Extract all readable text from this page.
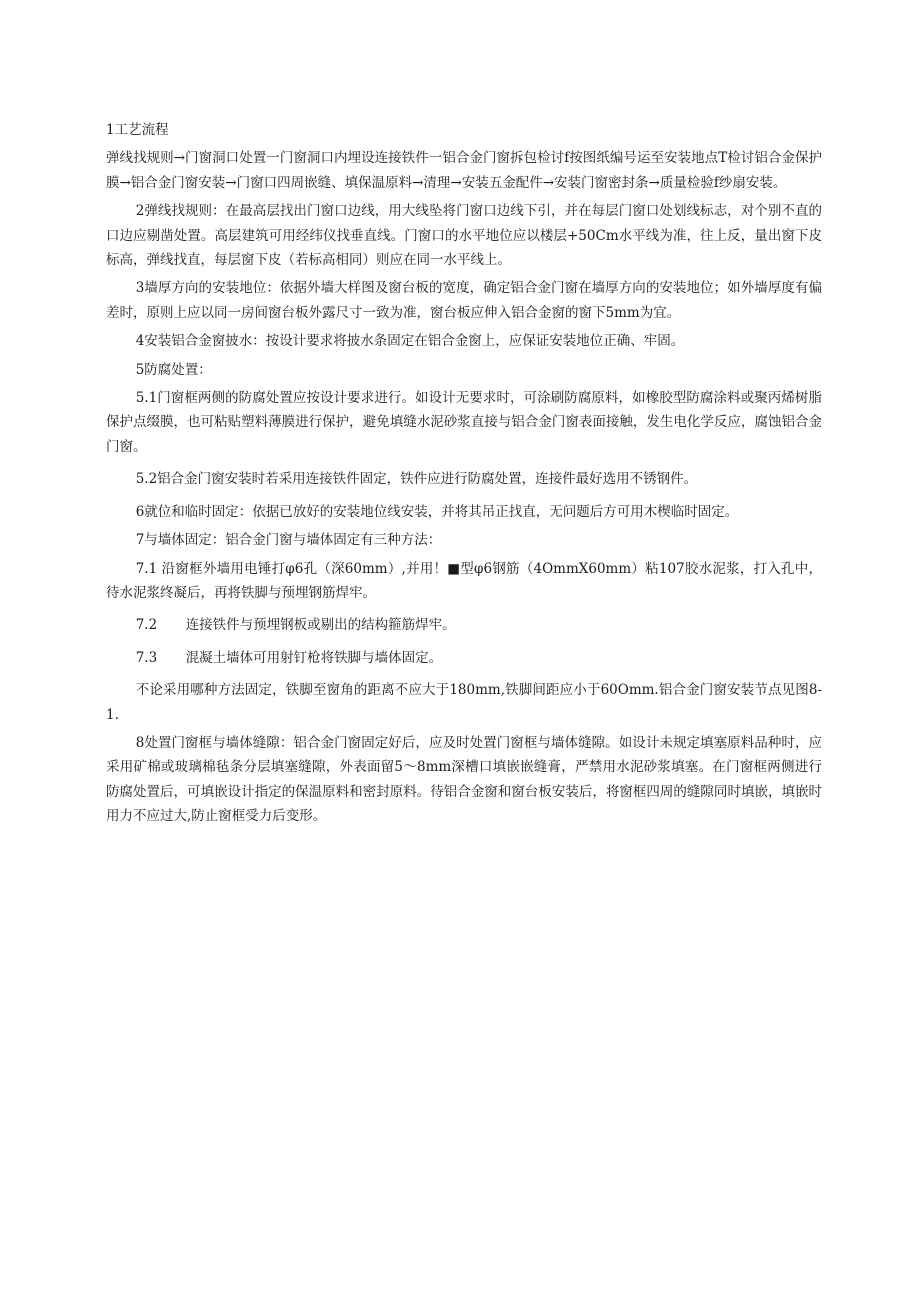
1工艺流程

弹线找规则→门窗洞口处置一门窗洞口内埋设连接铁件一铝合金门窗拆包检讨f按图纸编号运至安装地点T检讨铝合金保护膜→铝合金门窗安装→门窗口四周嵌缝、填保温原料→清理→安装五金配件→安装门窗密封条→质量检验f纱扇安装。

2弹线找规则：在最高层找出门窗口边线，用大线坠将门窗口边线下引，并在每层门窗口处划线标志，对个别不直的口边应剔凿处置。高层建筑可用经纬仪找垂直线。门窗口的水平地位应以楼层+50Cm水平线为准，往上反，量出窗下皮标高，弹线找直，每层窗下皮（若标高相同）则应在同一水平线上。

3墙厚方向的安装地位：依据外墙大样图及窗台板的宽度，确定铝合金门窗在墙厚方向的安装地位；如外墙厚度有偏差时，原则上应以同一房间窗台板外露尺寸一致为准，窗台板应伸入铝合金窗的窗下5mm为宜。

4安装铝合金窗披水：按设计要求将披水条固定在铝合金窗上，应保证安装地位正确、牢固。

5防腐处置：

5.1门窗框两侧的防腐处置应按设计要求进行。如设计无要求时，可涂刷防腐原料，如橡胶型防腐涂料或聚丙烯树脂保护点缀膜，也可粘贴塑料薄膜进行保护，避免填缝水泥砂浆直接与铝合金门窗表面接触，发生电化学反应，腐蚀铝合金门窗。

5.2铝合金门窗安装时若采用连接铁件固定，铁件应进行防腐处置，连接件最好选用不锈钢件。

6就位和临时固定：依据已放好的安装地位线安装，并将其吊正找直，无问题后方可用木楔临时固定。

7与墙体固定：铝合金门窗与墙体固定有三种方法：

7.1 沿窗框外墙用电锤打φ6孔（深60mm）,并用！■型φ6钢筋（4OmmX60mm）粘107胶水泥浆，打入孔中，待水泥浆终凝后，再将铁脚与预埋钢筋焊牢。

7.2 连接铁件与预埋钢板或剔出的结构箍筋焊牢。

7.3 混凝土墙体可用射钉枪将铁脚与墙体固定。

不论采用哪种方法固定，铁脚至窗角的距离不应大于180mm,铁脚间距应小于60Omm.铝合金门窗安装节点见图8-1.

8处置门窗框与墙体缝隙：铝合金门窗固定好后，应及时处置门窗框与墙体缝隙。如设计未规定填塞原料品种时，应采用矿棉或玻璃棉毡条分层填塞缝隙，外表面留5～8mm深槽口填嵌嵌缝膏，严禁用水泥砂浆填塞。在门窗框两侧进行防腐处置后，可填嵌设计指定的保温原料和密封原料。待铝合金窗和窗台板安装后，将窗框四周的缝隙同时填嵌，填嵌时用力不应过大,防止窗框受力后变形。
